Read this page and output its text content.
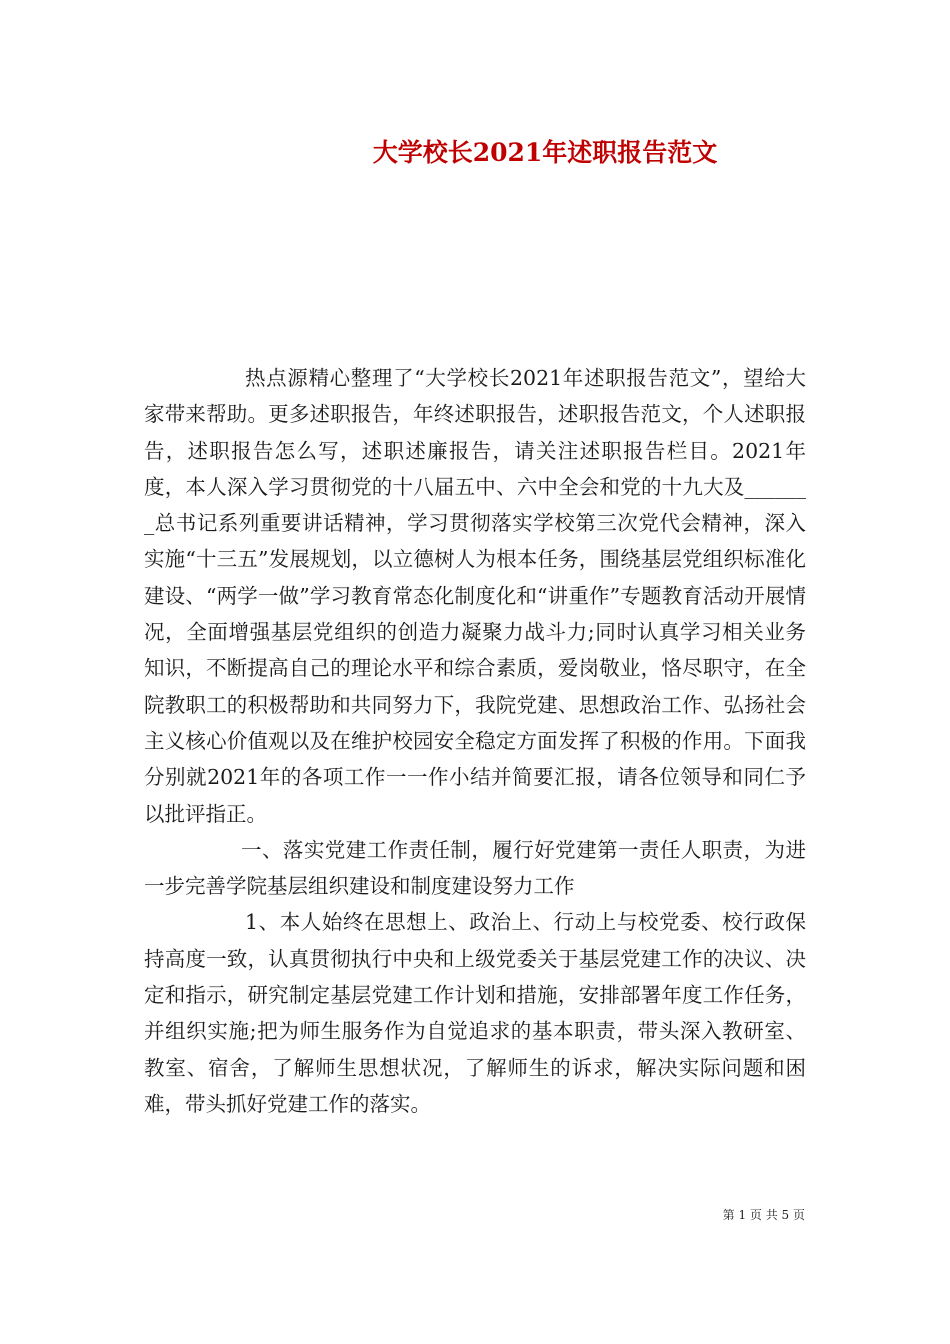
大学校长2021年述职报告范文

热点源精心整理了“大学校长2021年述职报告范文”，望给大家带来帮助。更多述职报告，年终述职报告，述职报告范文，个人述职报告，述职报告怎么写，述职述廉报告，请关注述职报告栏目。2021年度，本人深入学习贯彻党的十八届五中、六中全会和党的十九大及_______总书记系列重要讲话精神，学习贯彻落实学校第三次党代会精神，深入实施“十三五”发展规划，以立德树人为根本任务，围绕基层党组织标准化建设、“两学一做”学习教育常态化制度化和“讲重作”专题教育活动开展情况，全面增强基层党组织的创造力凝聚力战斗力;同时认真学习相关业务知识，不断提高自己的理论水平和综合素质，爱岗敬业，恪尽职守，在全院教职工的积极帮助和共同努力下，我院党建、思想政治工作、弘扬社会主义核心价值观以及在维护校园安全稳定方面发挥了积极的作用。下面我分别就2021年的各项工作一一作小结并简要汇报，请各位领导和同仁予以批评指正。

一、落实党建工作责任制，履行好党建第一责任人职责，为进一步完善学院基层组织建设和制度建设努力工作

1、本人始终在思想上、政治上、行动上与校党委、校行政保持高度一致，认真贯彻执行中央和上级党委关于基层党建工作的决议、决定和指示，研究制定基层党建工作计划和措施，安排部署年度工作任务，并组织实施;把为师生服务作为自觉追求的基本职责，带头深入教研室、教室、宿舍，了解师生思想状况，了解师生的诉求，解决实际问题和困难，带头抓好党建工作的落实。

第 1 页 共 5 页
